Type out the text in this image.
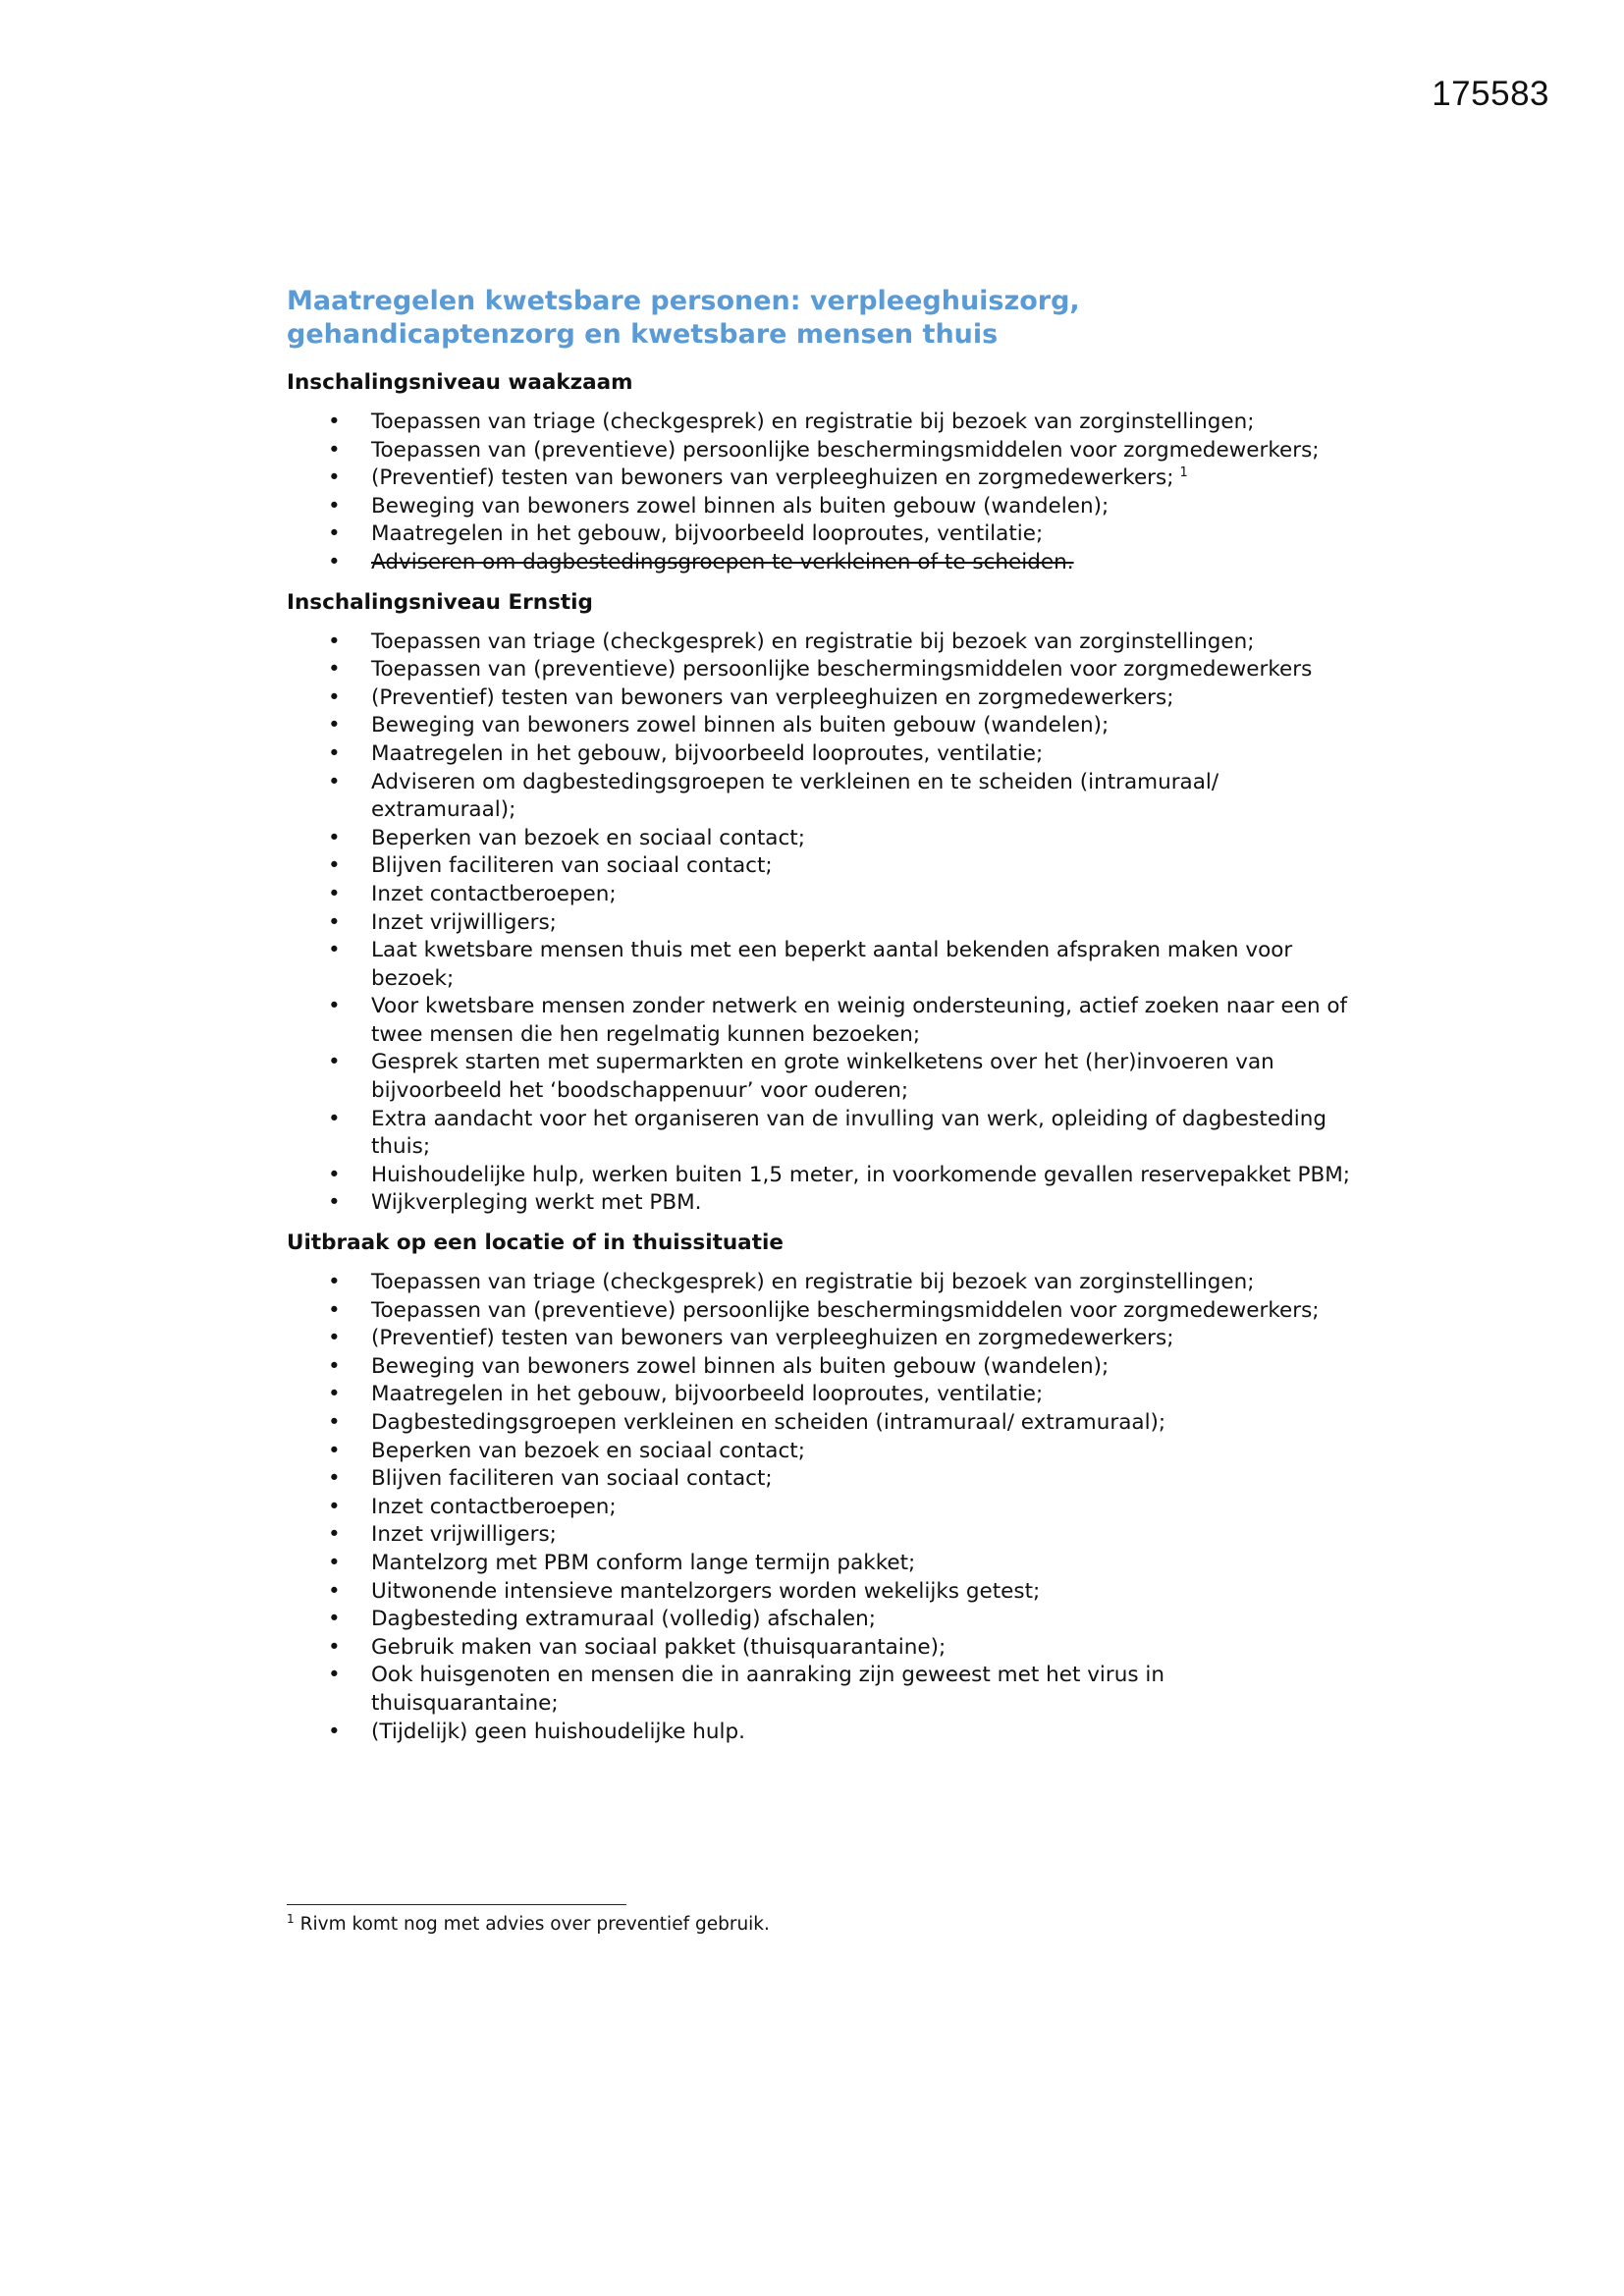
175583
Maatregelen kwetsbare personen: verpleeghuiszorg, gehandicaptenzorg en kwetsbare mensen thuis
Inschalingsniveau waakzaam
• Toepassen van triage (checkgesprek) en registratie bij bezoek van zorginstellingen;
• Toepassen van (preventieve) persoonlijke beschermingsmiddelen voor zorgmedewerkers;
• (Preventief) testen van bewoners van verpleeghuizen en zorgmedewerkers; $^1$
• Beweging van bewoners zowel binnen als buiten gebouw (wandelen);
• Maatregelen in het gebouw, bijvoorbeeld looproutes, ventilatie;
• Adviseren om dagbestedingsgroepen te verkleinen of te scheiden.
Inschalingsniveau Ernstig
• Toepassen van triage (checkgesprek) en registratie bij bezoek van zorginstellingen;
• Toepassen van (preventieve) persoonlijke beschermingsmiddelen voor zorgmedewerkers
• (Preventief) testen van bewoners van verpleeghuizen en zorgmedewerkers;
• Beweging van bewoners zowel binnen als buiten gebouw (wandelen);
• Maatregelen in het gebouw, bijvoorbeeld looproutes, ventilatie;
• Adviseren om dagbestedingsgroepen te verkleinen en te scheiden (intramuraal/ extramuraal);
• Beperken van bezoek en sociaal contact;
• Blijven faciliteren van sociaal contact;
• Inzet contactberoepen;
• Inzet vrijwilligers;
• Laat kwetsbare mensen thuis met een beperkt aantal bekenden afspraken maken voor bezoek;
• Voor kwetsbare mensen zonder netwerk en weinig ondersteuning, actief zoeken naar een of twee mensen die hen regelmatig kunnen bezoeken;
• Gesprek starten met supermarkten en grote winkelketens over het (her)invoeren van bijvoorbeeld het ‘boodschappenuur’ voor ouderen;
• Extra aandacht voor het organiseren van de invulling van werk, opleiding of dagbesteding thuis;
• Huishoudelijke hulp, werken buiten 1,5 meter, in voorkomende gevallen reservepakket PBM;
• Wijkverpleging werkt met PBM.
Uitbraak op een locatie of in thuissituatie
• Toepassen van triage (checkgesprek) en registratie bij bezoek van zorginstellingen;
• Toepassen van (preventieve) persoonlijke beschermingsmiddelen voor zorgmedewerkers;
• (Preventief) testen van bewoners van verpleeghuizen en zorgmedewerkers;
• Beweging van bewoners zowel binnen als buiten gebouw (wandelen);
• Maatregelen in het gebouw, bijvoorbeeld looproutes, ventilatie;
• Dagbestedingsgroepen verkleinen en scheiden (intramuraal/ extramuraal);
• Beperken van bezoek en sociaal contact;
• Blijven faciliteren van sociaal contact;
• Inzet contactberoepen;
• Inzet vrijwilligers;
• Mantelzorg met PBM conform lange termijn pakket;
• Uitwonende intensieve mantelzorgers worden wekelijks getest;
• Dagbesteding extramuraal (volledig) afschalen;
• Gebruik maken van sociaal pakket (thuisquarantaine);
• Ook huisgenoten en mensen die in aanraking zijn geweest met het virus in thuisquarantaine;
• (Tijdelijk) geen huishoudelijke hulp.
$^1$ Rivm komt nog met advies over preventief gebruik.
